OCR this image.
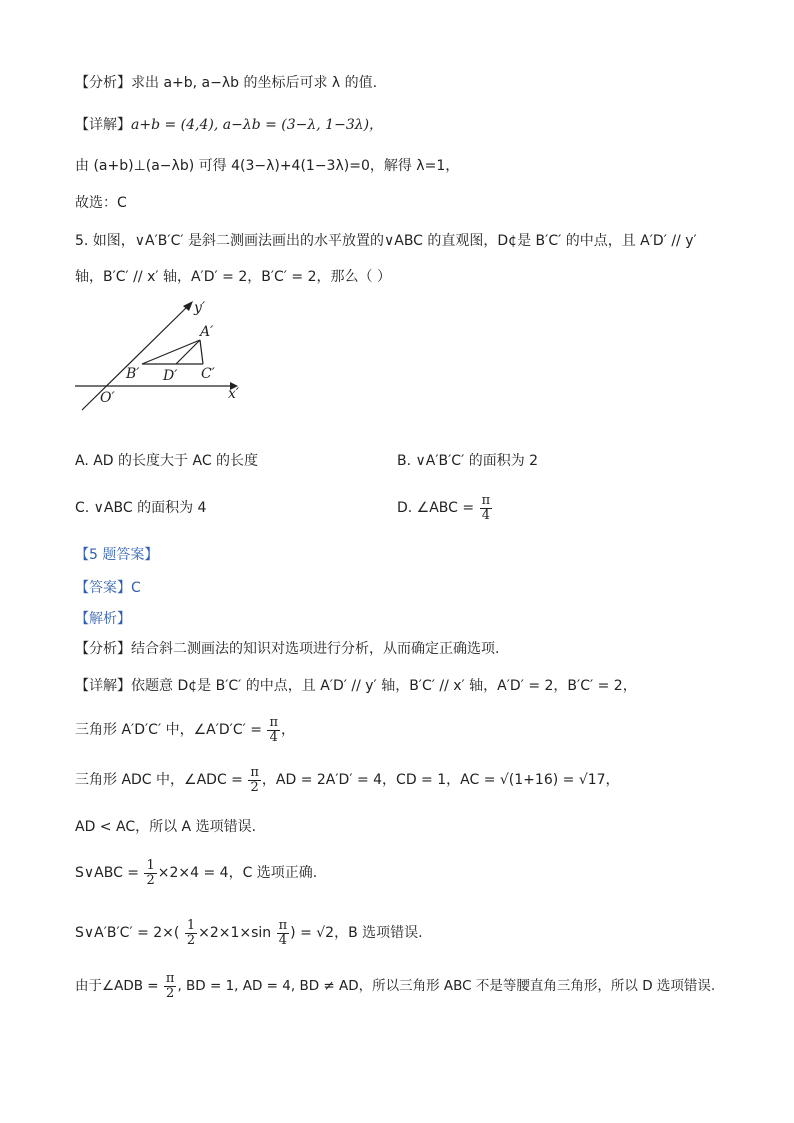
【分析】求出 a+b, a−λb 的坐标后可求 λ 的值.
【详解】a+b = (4,4), a−λb = (3−λ, 1−3λ)，
由 (a+b)⊥(a−λb) 可得 4(3−λ)+4(1−3λ)=0，解得 λ=1，
故选：C
5. 如图，∨A′B′C′ 是斜二测画法画出的水平放置的∨ABC 的直观图，D¢是 B′C′ 的中点，且 A′D′ // y′
轴，B′C′ // x′ 轴，A′D′ = 2，B′C′ = 2，那么（ ）
y′
A′
B′ D′ C′
O′	x′
A. AD 的长度大于 AC 的长度	B. ∨A′B′C′ 的面积为 2
C. ∨ABC 的面积为 4	D. ∠ABC = $\frac{\pi}{4}$
【5 题答案】
【答案】C
【解析】
【分析】结合斜二测画法的知识对选项进行分析，从而确定正确选项.
【详解】依题意 D¢是 B′C′ 的中点，且 A′D′ // y′ 轴，B′C′ // x′ 轴，A′D′ = 2，B′C′ = 2，
三角形 A′D′C′ 中，∠A′D′C′ = $\frac{\pi}{4}$ ，
三角形 ADC 中，∠ADC = $\frac{\pi}{2}$ ，AD = 2A′D′ = 4，CD = 1，AC = √(1+16) = √17，
AD < AC，所以 A 选项错误.
S∨ABC = $\frac{1}{2} \times 2\times 4 = 4$，C 选项正确.
S∨A′B′C′ = $2\times( \frac{1}{2} \times 2\times 1\times\sin \frac{\pi}{4}$ ) = √2，B 选项错误.
由于∠ADB = $\frac{\pi}{2}$ , BD = 1, AD = 4, BD ≠ AD，所以三角形 ABC 不是等腰直角三角形，所以 D 选项错误.
